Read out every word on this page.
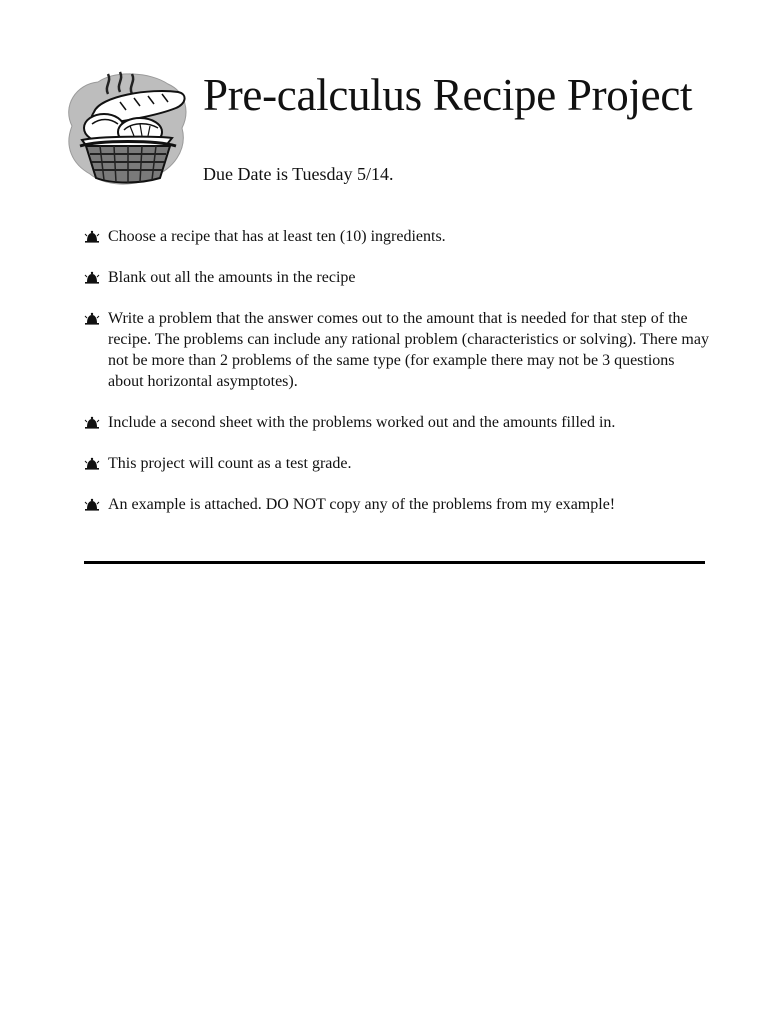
Pre-calculus Recipe Project

Due Date is Tuesday 5/14.

Choose a recipe that has at least ten (10) ingredients.
Blank out all the amounts in the recipe
Write a problem that the answer comes out to the amount that is needed for that step of the recipe. The problems can include any rational problem (characteristics or solving). There may not be more than 2 problems of the same type (for example there may not be 3 questions about horizontal asymptotes).
Include a second sheet with the problems worked out and the amounts filled in.
This project will count as a test grade.
An example is attached. DO NOT copy any of the problems from my example!
